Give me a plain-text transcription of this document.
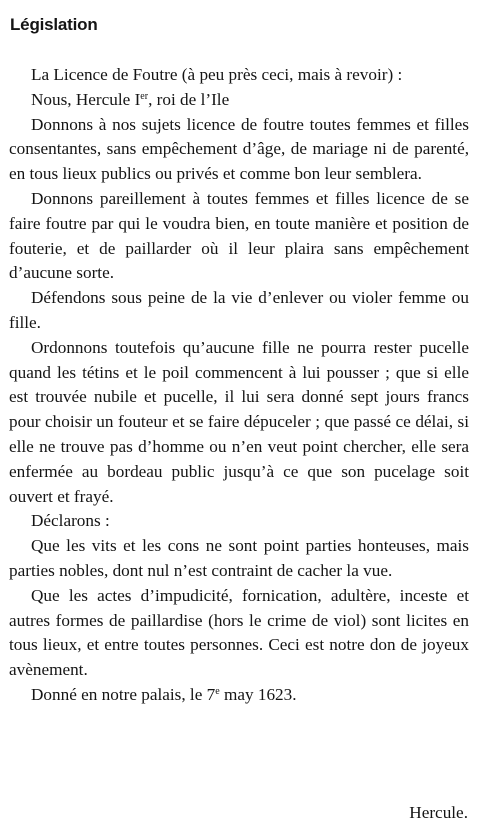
Législation

La Licence de Foutre (à peu près ceci, mais à revoir) :

Nous, Hercule Ier, roi de l’Ile

Donnons à nos sujets licence de foutre toutes femmes et filles consentantes, sans empêchement d’âge, de mariage ni de parenté, en tous lieux publics ou privés et comme bon leur semblera.

Donnons pareillement à toutes femmes et filles licence de se faire foutre par qui le voudra bien, en toute manière et position de fouterie, et de paillarder où il leur plaira sans empêchement d’aucune sorte.

Défendons sous peine de la vie d’enlever ou violer femme ou fille.

Ordonnons toutefois qu’aucune fille ne pourra rester pucelle quand les tétins et le poil commencent à lui pousser ; que si elle est trouvée nubile et pucelle, il lui sera donné sept jours francs pour choisir un fouteur et se faire dépuceler ; que passé ce délai, si elle ne trouve pas d’homme ou n’en veut point chercher, elle sera enfermée au bordeau public jusqu’à ce que son pucelage soit ouvert et frayé.

Déclarons :

Que les vits et les cons ne sont point parties honteuses, mais parties nobles, dont nul n’est contraint de cacher la vue.

Que les actes d’impudicité, fornication, adultère, inceste et autres formes de paillardise (hors le crime de viol) sont licites en tous lieux, et entre toutes personnes. Ceci est notre don de joyeux avènement.

Donné en notre palais, le 7e may 1623.

Hercule.
